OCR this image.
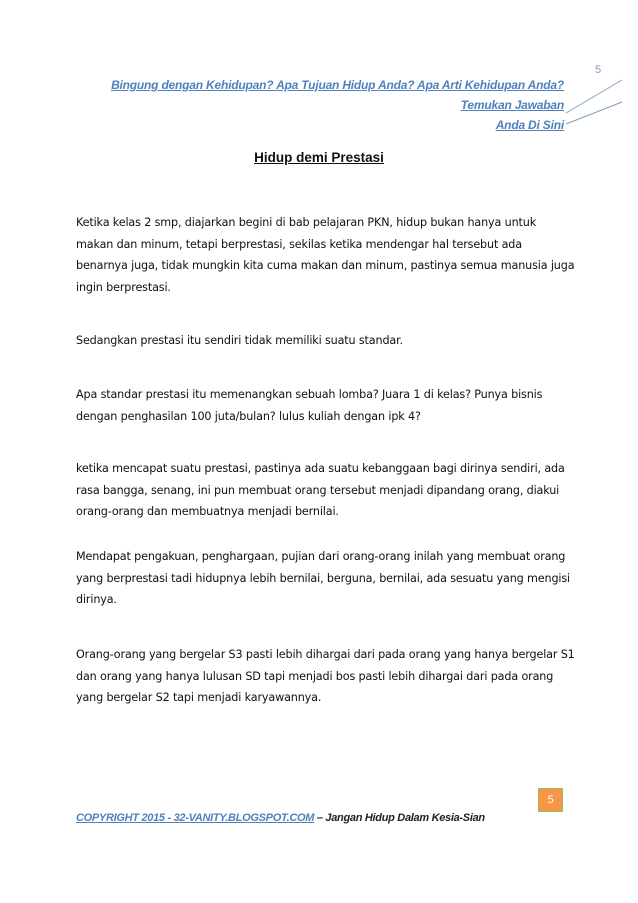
5
Bingung dengan Kehidupan? Apa Tujuan Hidup Anda? Apa Arti Kehidupan Anda? Temukan Jawaban
Anda Di Sini
Hidup demi Prestasi

Ketika kelas 2 smp, diajarkan begini di bab pelajaran PKN, hidup bukan hanya untuk makan dan minum, tetapi berprestasi, sekilas ketika mendengar hal tersebut ada benarnya juga, tidak mungkin kita cuma makan dan minum, pastinya semua manusia juga ingin berprestasi.

Sedangkan prestasi itu sendiri tidak memiliki suatu standar.

Apa standar prestasi itu memenangkan sebuah lomba? Juara 1 di kelas? Punya bisnis dengan penghasilan 100 juta/bulan? lulus kuliah dengan ipk 4?

ketika mencapat suatu prestasi, pastinya ada suatu kebanggaan bagi dirinya sendiri, ada rasa bangga, senang, ini pun membuat orang tersebut menjadi dipandang orang, diakui orang-orang dan membuatnya menjadi bernilai.

Mendapat pengakuan, penghargaan, pujian dari orang-orang inilah yang membuat orang yang berprestasi tadi hidupnya lebih bernilai, berguna, bernilai, ada sesuatu yang mengisi dirinya.

Orang-orang yang bergelar S3 pasti lebih dihargai dari pada orang yang hanya bergelar S1 dan orang yang hanya lulusan SD tapi menjadi bos pasti lebih dihargai dari pada orang yang bergelar S2 tapi menjadi karyawannya.

5
COPYRIGHT 2015 - 32-VANITY.BLOGSPOT.COM – Jangan Hidup Dalam Kesia-Sian
